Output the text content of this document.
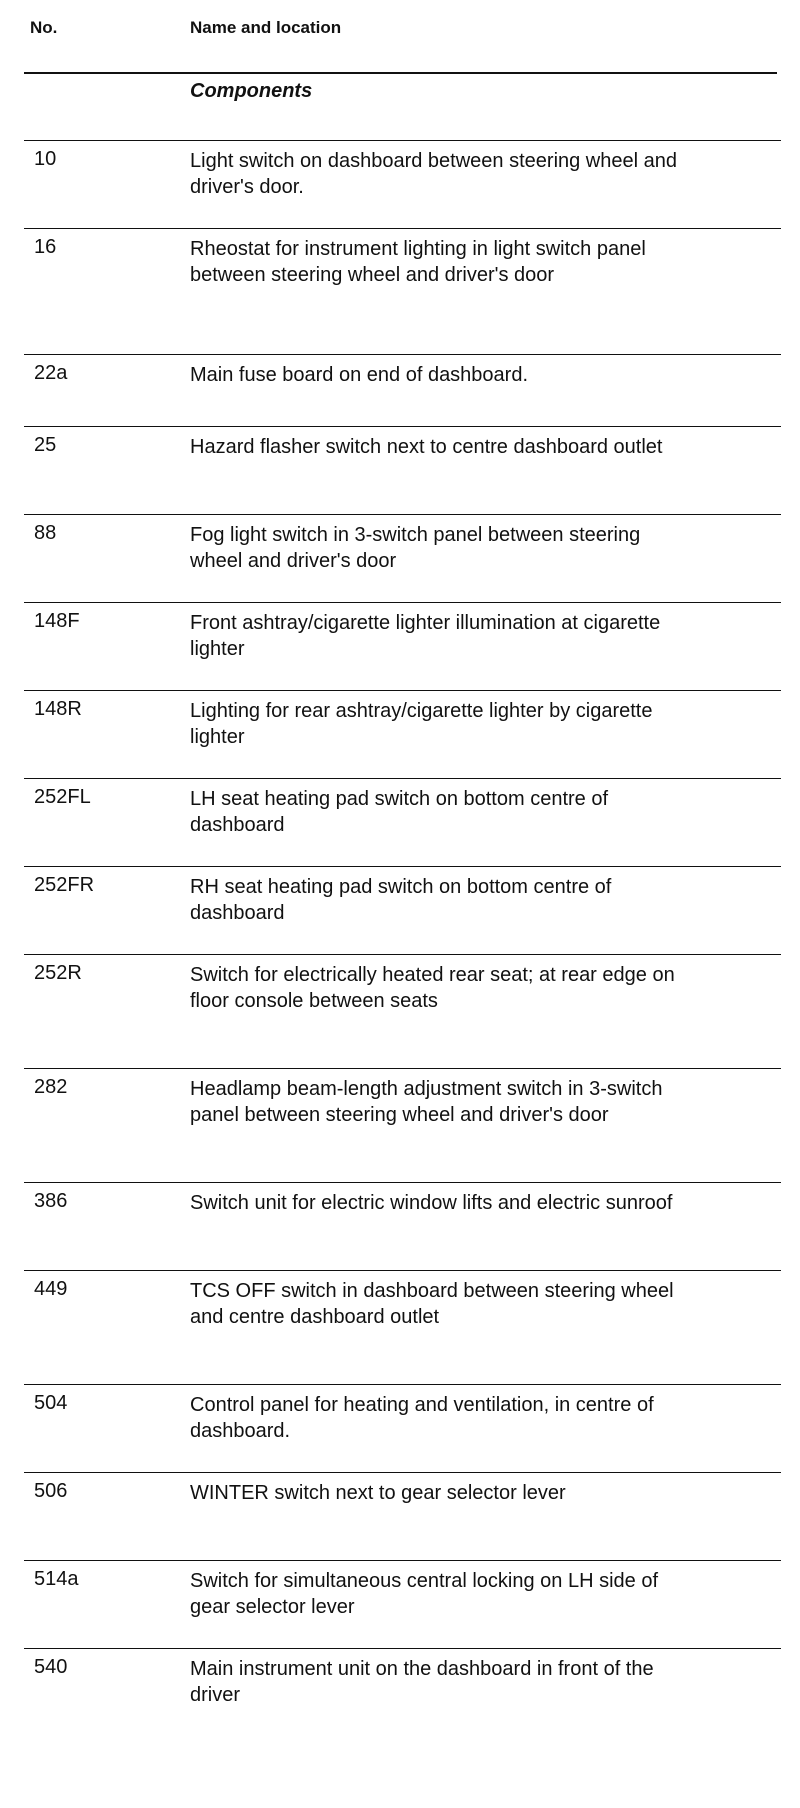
No.	Name and location
Components
10	Light switch on dashboard between steering wheel and driver's door.
16	Rheostat for instrument lighting in light switch panel between steering wheel and driver's door
22a	Main fuse board on end of dashboard.
25	Hazard flasher switch next to centre dashboard outlet
88	Fog light switch in 3-switch panel between steering wheel and driver's door
148F	Front ashtray/cigarette lighter illumination at cigarette lighter
148R	Lighting for rear ashtray/cigarette lighter by cigarette lighter
252FL	LH seat heating pad switch on bottom centre of dashboard
252FR	RH seat heating pad switch on bottom centre of dashboard
252R	Switch for electrically heated rear seat; at rear edge on floor console between seats
282	Headlamp beam-length adjustment switch in 3-switch panel between steering wheel and driver's door
386	Switch unit for electric window lifts and electric sunroof
449	TCS OFF switch in dashboard between steering wheel and centre dashboard outlet
504	Control panel for heating and ventilation, in centre of dashboard.
506	WINTER switch next to gear selector lever
514a	Switch for simultaneous central locking on LH side of gear selector lever
540	Main instrument unit on the dashboard in front of the driver
